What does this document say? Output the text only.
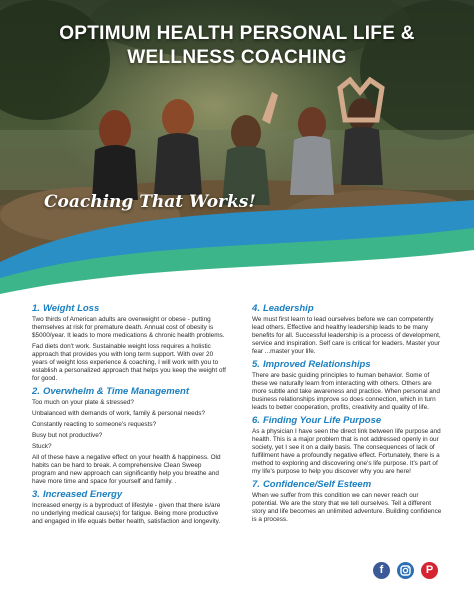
OPTIMUM HEALTH PERSONAL LIFE &
WELLNESS COACHING
Coaching That Works!
1. Weight Loss

Two thirds of American adults are overweight or obese - putting themselves at risk for premature death. Annual cost of obesity is $5000/year. It leads to more medications & chronic health problems.

Fad diets don't work. Sustainable weight loss requires a holistic approach that provides you with long term support. With over 20 years of weight loss experience & coaching, I will work with you to establish a personalized approach that helps you keep the weight off for good.

2. Overwhelm & Time Management

Too much on your plate & stressed?

Unbalanced with demands of work, family & personal needs?

Constantly reacting to someone's requests?

Busy but not productive?

Stuck?

All of these have a negative effect on your health & happiness. Old habits can be hard to break. A comprehensive Clean Sweep program and new approach can significantly help you breathe and have more time and space for yourself and family. .

3. Increased Energy

Increased energy is a byproduct of lifestyle - given that there is/are no underlying medical cause(s) for fatigue. Being more productive and engaged in life equals better health, satisfaction and longevity.

4. Leadership

We must first learn to lead ourselves before we can competently lead others. Effective and healthy leadership leads to be many benefits for all. Successful leadership is a process of development, service and inspiration. Self care is critical for leaders. Master your fear ...master your life.

5. Improved Relationships

There are basic guiding principles to human behavior. Some of these we naturally learn from interacting with others. Others are more subtle and take awareness and practice. When personal and business relationships improve so does connection, which in turn leads to better cooperation, profits, creativity and quality of life.

6. Finding Your Life Purpose

As a physician I have seen the direct link between life purpose and health. This is a major problem that is not addressed openly in our society, yet I see it on a daily basis. The consequences of lack of fulfillment have a profoundly negative effect. Fortunately, there is a method to exploring and discovering one's life purpose. It's part of my life's purpose to help you discover why you are here!

7. Confidence/Self Esteem

When we suffer from this condition we can never reach our potential. We are the story that we tell ourselves. Tell a different story and life becomes an unlimited adventure. Building confidence is a process.

f	P
